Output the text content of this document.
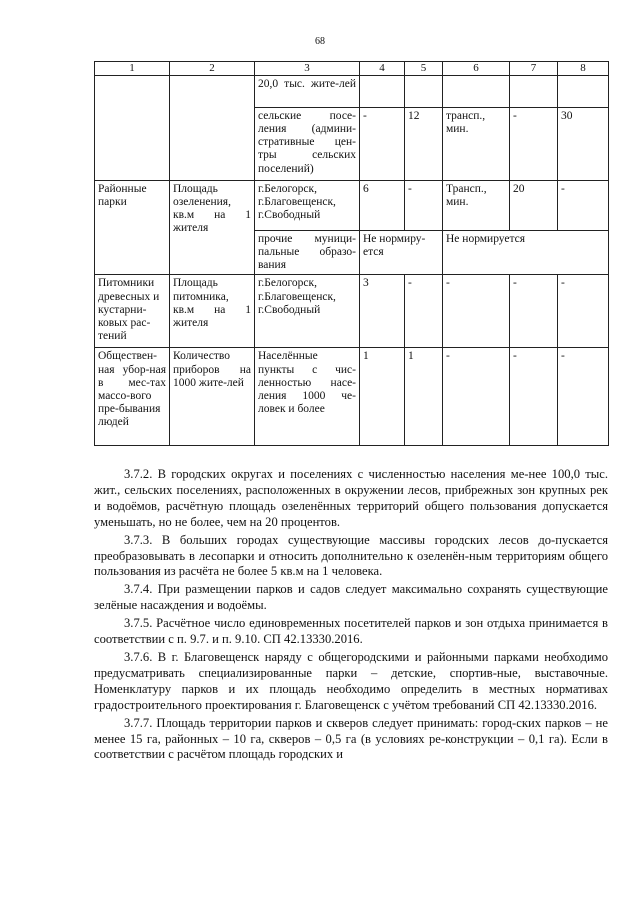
68
1	2	3	4	5	6	7	8
		20,0 тыс. жите-лей					
		сельские посе-ления (админи-стративные цен-тры сельских поселений)	-	12	трансп., мин.	-	30
Районные парки	Площадь озеленения, кв.м на 1 жителя	г.Белогорск, г.Благовещенск, г.Свободный	6	-	Трансп., мин.	20	-
		прочие муници-пальные образо-вания	Не нормиру-ется		Не нормируется		
Питомники древесных и кустарни-ковых рас-тений	Площадь питомника, кв.м на 1 жителя	г.Белогорск, г.Благовещенск, г.Свободный	3	-	-	-	-
Обществен-ная убор-ная в мес-тах массо-вого пре-бывания людей	Количество приборов на 1000 жите-лей	Населённые пункты с чис-ленностью насе-ления 1000 че-ловек и более	1	1	-	-	-

3.7.2. В городских округах и поселениях с численностью населения ме-нее 100,0 тыс. жит., сельских поселениях, расположенных в окружении лесов, прибрежных зон крупных рек и водоёмов, расчётную площадь озеленённых территорий общего пользования допускается уменьшать, но не более, чем на 20 процентов.

3.7.3. В больших городах существующие массивы городских лесов до-пускается преобразовывать в лесопарки и относить дополнительно к озеленён-ным территориям общего пользования из расчёта не более 5 кв.м на 1 человека.

3.7.4. При размещении парков и садов следует максимально сохранять существующие зелёные насаждения и водоёмы.

3.7.5. Расчётное число единовременных посетителей парков и зон отдыха принимается в соответствии с п. 9.7. и п. 9.10. СП 42.13330.2016.

3.7.6. В г. Благовещенск наряду с общегородскими и районными парками необходимо предусматривать специализированные парки – детские, спортив-ные, выставочные. Номенклатуру парков и их площадь необходимо определить в местных нормативах градостроительного проектирования г. Благовещенск с учётом требований СП 42.13330.2016.

3.7.7. Площадь территории парков и скверов следует принимать: город-ских парков – не менее 15 га, районных – 10 га, скверов – 0,5 га (в условиях ре-конструкции – 0,1 га). Если в соответствии с расчётом площадь городских и
